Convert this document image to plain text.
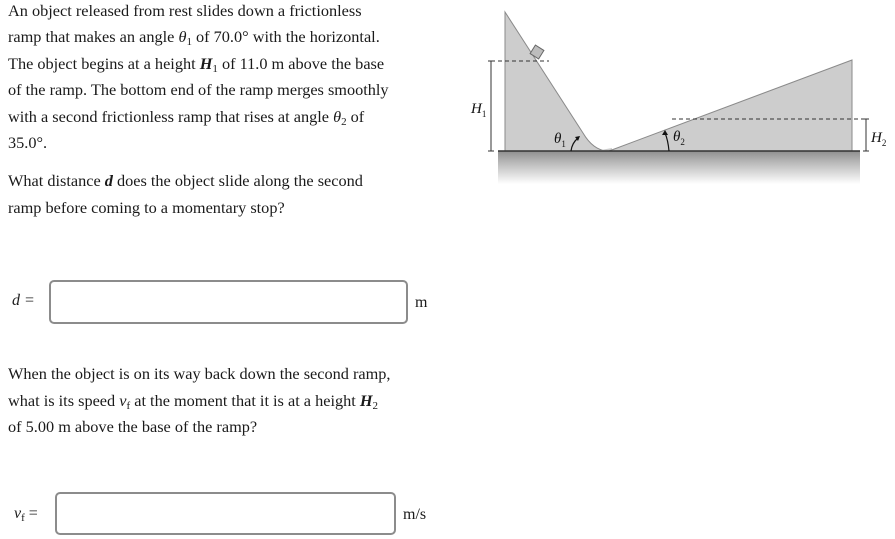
An object released from rest slides down a frictionless

ramp that makes an angle $\theta_1$ of 70.0° with the horizontal.

The object begins at a height $H_1$ of 11.0 m above the base

of the ramp. The bottom end of the ramp merges smoothly

with a second frictionless ramp that rises at angle $\theta_2$ of

35.0°.

What distance d does the object slide along the second

ramp before coming to a momentary stop?

d =	m

When the object is on its way back down the second ramp,

what is its speed $v_f$ at the moment that it is at a height $H_2$

of 5.00 m above the base of the ramp?

$v_f$ =	m/s
$H_1$
$H_2$
$\theta_1$	$\theta_2$
